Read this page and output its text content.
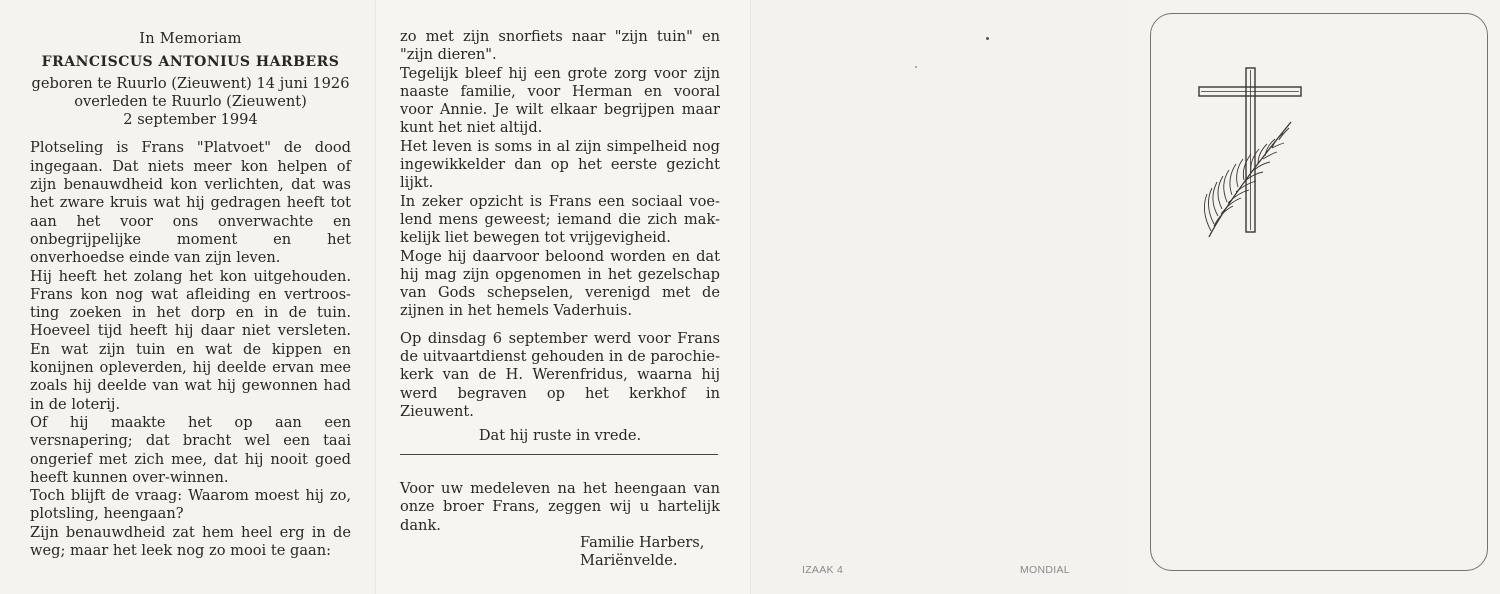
In Memoriam

FRANCISCUS ANTONIUS HARBERS

geboren te Ruurlo (Zieuwent) 14 juni 1926

overleden te Ruurlo (Zieuwent)

2 september 1994

Plotseling is Frans "Platvoet" de dood ingegaan. Dat niets meer kon helpen of zijn benauwdheid kon verlichten, dat was het zware kruis wat hij gedragen heeft tot aan het voor ons onverwachte en onbegrijpelijke moment en het onverhoedse einde van zijn leven.

Hij heeft het zolang het kon uitgehouden. Frans kon nog wat afleiding en vertroos-ting zoeken in het dorp en in de tuin. Hoeveel tijd heeft hij daar niet versleten. En wat zijn tuin en wat de kippen en konijnen opleverden, hij deelde ervan mee zoals hij deelde van wat hij gewonnen had in de loterij.

Of hij maakte het op aan een versnapering; dat bracht wel een taai ongerief met zich mee, dat hij nooit goed heeft kunnen over-winnen.

Toch blijft de vraag: Waarom moest hij zo, plotsling, heengaan?

Zijn benauwdheid zat hem heel erg in de weg; maar het leek nog zo mooi te gaan:

zo met zijn snorfiets naar "zijn tuin" en "zijn dieren".

Tegelijk bleef hij een grote zorg voor zijn naaste familie, voor Herman en vooral voor Annie. Je wilt elkaar begrijpen maar kunt het niet altijd.

Het leven is soms in al zijn simpelheid nog ingewikkelder dan op het eerste gezicht lijkt.

In zeker opzicht is Frans een sociaal voe-lend mens geweest; iemand die zich mak-kelijk liet bewegen tot vrijgevigheid.

Moge hij daarvoor beloond worden en dat hij mag zijn opgenomen in het gezelschap van Gods schepselen, verenigd met de zijnen in het hemels Vaderhuis.

Op dinsdag 6 september werd voor Frans de uitvaartdienst gehouden in de parochie-kerk van de H. Werenfridus, waarna hij werd begraven op het kerkhof in Zieuwent.

Dat hij ruste in vrede.

Voor uw medeleven na het heengaan van onze broer Frans, zeggen wij u hartelijk dank.

Familie Harbers,

Mariënvelde.

IZAAK 4	MONDIAL
